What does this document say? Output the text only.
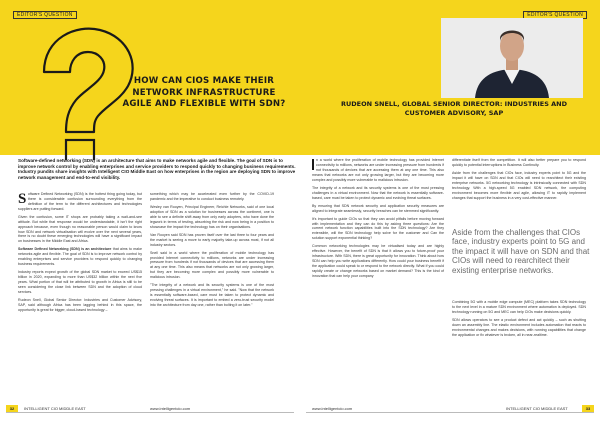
EDITOR'S QUESTION
HOW CAN CIOS MAKE THEIR NETWORK INFRASTRUCTURE AGILE AND FLEXIBLE WITH SDN?
Software-defined networking (SDN) is an architecture that aims to make networks agile and flexible. The goal of SDN is to improve network control by enabling enterprises and service providers to respond quickly to changing business requirements. Industry pundits share insights with Intelligent CIO Middle East on how enterprises in the region are deploying SDN to improve network management and end-to-end visibility.

Software Defined Networking (SDN) is the hottest thing going today, but there is considerable confusion surrounding everything from the definition of the term to the different architectures and technologies suppliers are putting forward.

Given the confusion, some IT shops are probably taking a wait-and-see attitude. But while that response would be understandable, it isn't the right approach because, even though no reasonable person would claim to know how SDN and network virtualisation will evolve over the next several years, there is no doubt these emerging technologies will have a significant impact on businesses in the Middle East and Africa.

Software Defined Networking (SDN) is an architecture that aims to make networks agile and flexible. The goal of SDN is to improve network control by enabling enterprises and service providers to respond quickly to changing business requirements.

Industry reports expect growth of the global SDN market to exceed US$15 billion in 2020, expanding to more than US$32 billion within the next five years. What portion of that will be attributed to growth in Africa is still to be seen considering the close link between SDN and the adoption of cloud services.

Rudeon Snell, Global Senior Director: Industries and Customer Advisory, SAP, said although Africa has been lagging behind in this space, the opportunity is great for bigger, cloud-based technology –

something which may be accelerated even further by the COVID-19 pandemic and the imperative to conduct business remotely.

Wesley van Rooyen, Principal Engineer, Reichle Networks, said of one local adoption of SDN as a solution for businesses across the continent, one is able to see a definite shift away from only early adopters, who have done the legwork in terms of testing, absorbing the risk and now being in a position to showcase the impact the technology has on their organisations.

Van Rooyen said SDN has proven itself over the last three to four years and the market is seeing a move to early majority take-up across most, if not all industry sectors.

Snell said in a world where the proliferation of mobile technology has provided Internet connectivity to millions, networks are under increasing pressure from hundreds if not thousands of devices that are accessing them at any one time. This also means that networks are not only growing larger, but they are becoming more complex and possibly more vulnerable to malicious intrusion.

"The integrity of a network and its security systems is one of the most pressing challenges in a virtual environment," he said. "Now that the network is essentially software-based, care must be taken to protect dynamic and evolving threat surfaces. It is important to embed a zero-trust security model into the architecture from day one, rather than bolting it on later."

32	INTELLIGENT CIO MIDDLE EAST	www.intelligentcio.com
EDITOR'S QUESTION
RUDEON SNELL, GLOBAL SENIOR DIRECTOR: INDUSTRIES AND CUSTOMER ADVISORY, SAP

n a world where the proliferation of mobile technology has provided Internet connectivity to millions, networks are under increasing pressure from hundreds if not thousands of devices that are accessing them at any one time. This also means that networks are not only growing larger, but they are becoming more complex and possibly more vulnerable to malicious intrusion.

The integrity of a network and its security systems is one of the most pressing challenges in a virtual environment. Now that the network is essentially software-based, care must be taken to protect dynamic and evolving threat surfaces.

By ensuring that SDN network security and application security measures are aligned to integrate seamlessly, security breaches can be stemmed significantly.

It's important to guide CIOs so that they can avoid pitfalls before moving forward with implementation and they can do this by asking three questions: Are the current network function capabilities built into the SDN technology? Are they extensible, will the SDN technology help solve for the customer and Can the solution support exponential thinking?

Common networking technologies may be virtualised today and are highly effective. However, the benefit of SDN is that it allows you to future-proof your infrastructure. With SDN, there is great opportunity for innovation. Think about how SDN can help you write applications differently. How could your business benefit if the application could speak to or respond to the network directly. What if you could rapidly create or change networks based on market demand? This is the kind of innovation that can help your company

differentiate itself from the competition. It will also better prepare you to respond quickly to potential interruptions in Business Continuity.

Aside from the challenges that CIOs face, industry experts point to 5G and the impact it will have on SDN and that CIOs will need to rearchitect their existing enterprise networks. 5G networking technology is intrinsically connected with SDN technology. With a high-speed 5G enabled SDN network, the computing environment becomes more flexible and agile, allowing IT to rapidly implement changes that support the business in a very cost-effective manner.

Combining 5G with a mobile edge compute (MEC) platform takes SDN technology to the next level in a mature SDN environment where automation is deployed. SDN technology running on 5G and MEC can help CIOs make decisions quickly.

SDN allows operators to see a product defect and act quickly – such as shutting down an assembly line. The elastic environment includes automation that reacts to environmental changes and makes decisions, with running capabilities that change the application or fix whatever is broken, all in near-realtime.

www.intelligentcio.com	INTELLIGENT CIO MIDDLE EAST	33
Aside from the challenges that CIOs face, industry experts point to 5G and the impact it will have on SDN and that CIOs will need to rearchitect their existing enterprise networks.
